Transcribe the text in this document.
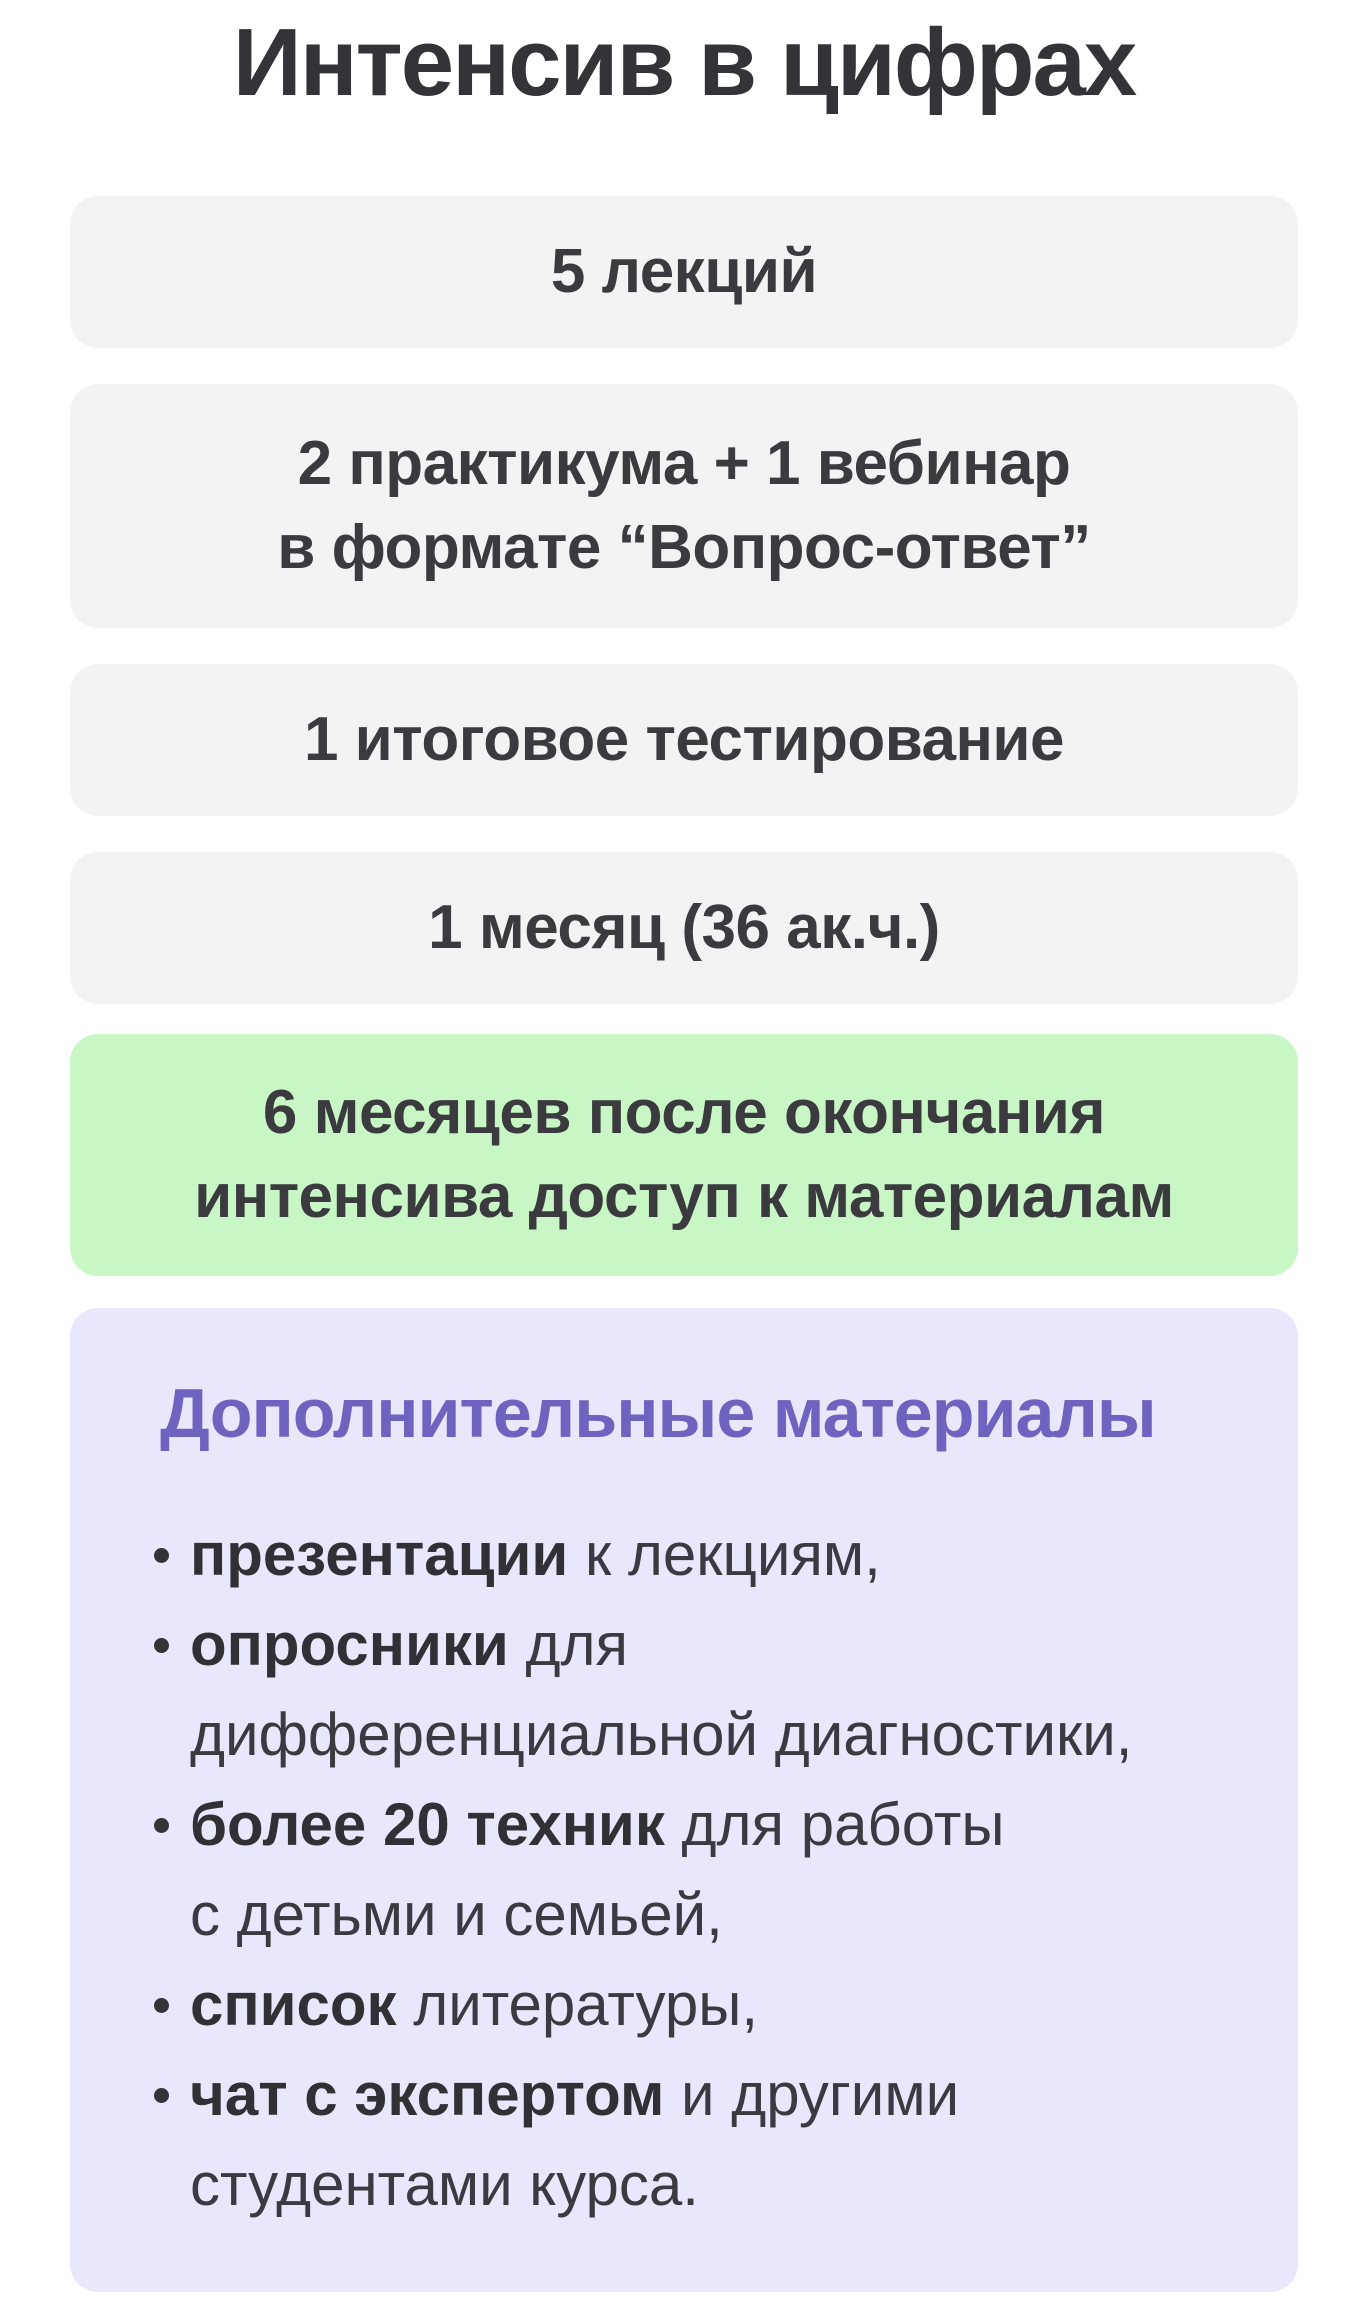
Интенсив в цифрах
5 лекций
2 практикума + 1 вебинар
в формате “Вопрос-ответ”
1 итоговое тестирование
1 месяц (36 ак.ч.)
6 месяцев после окончания
интенсива доступ к материалам
Дополнительные материалы
презентации к лекциям,
опросники для
дифференциальной диагностики,
более 20 техник для работы
с детьми и семьей,
список литературы,
чат с экспертом и другими
студентами курса.
